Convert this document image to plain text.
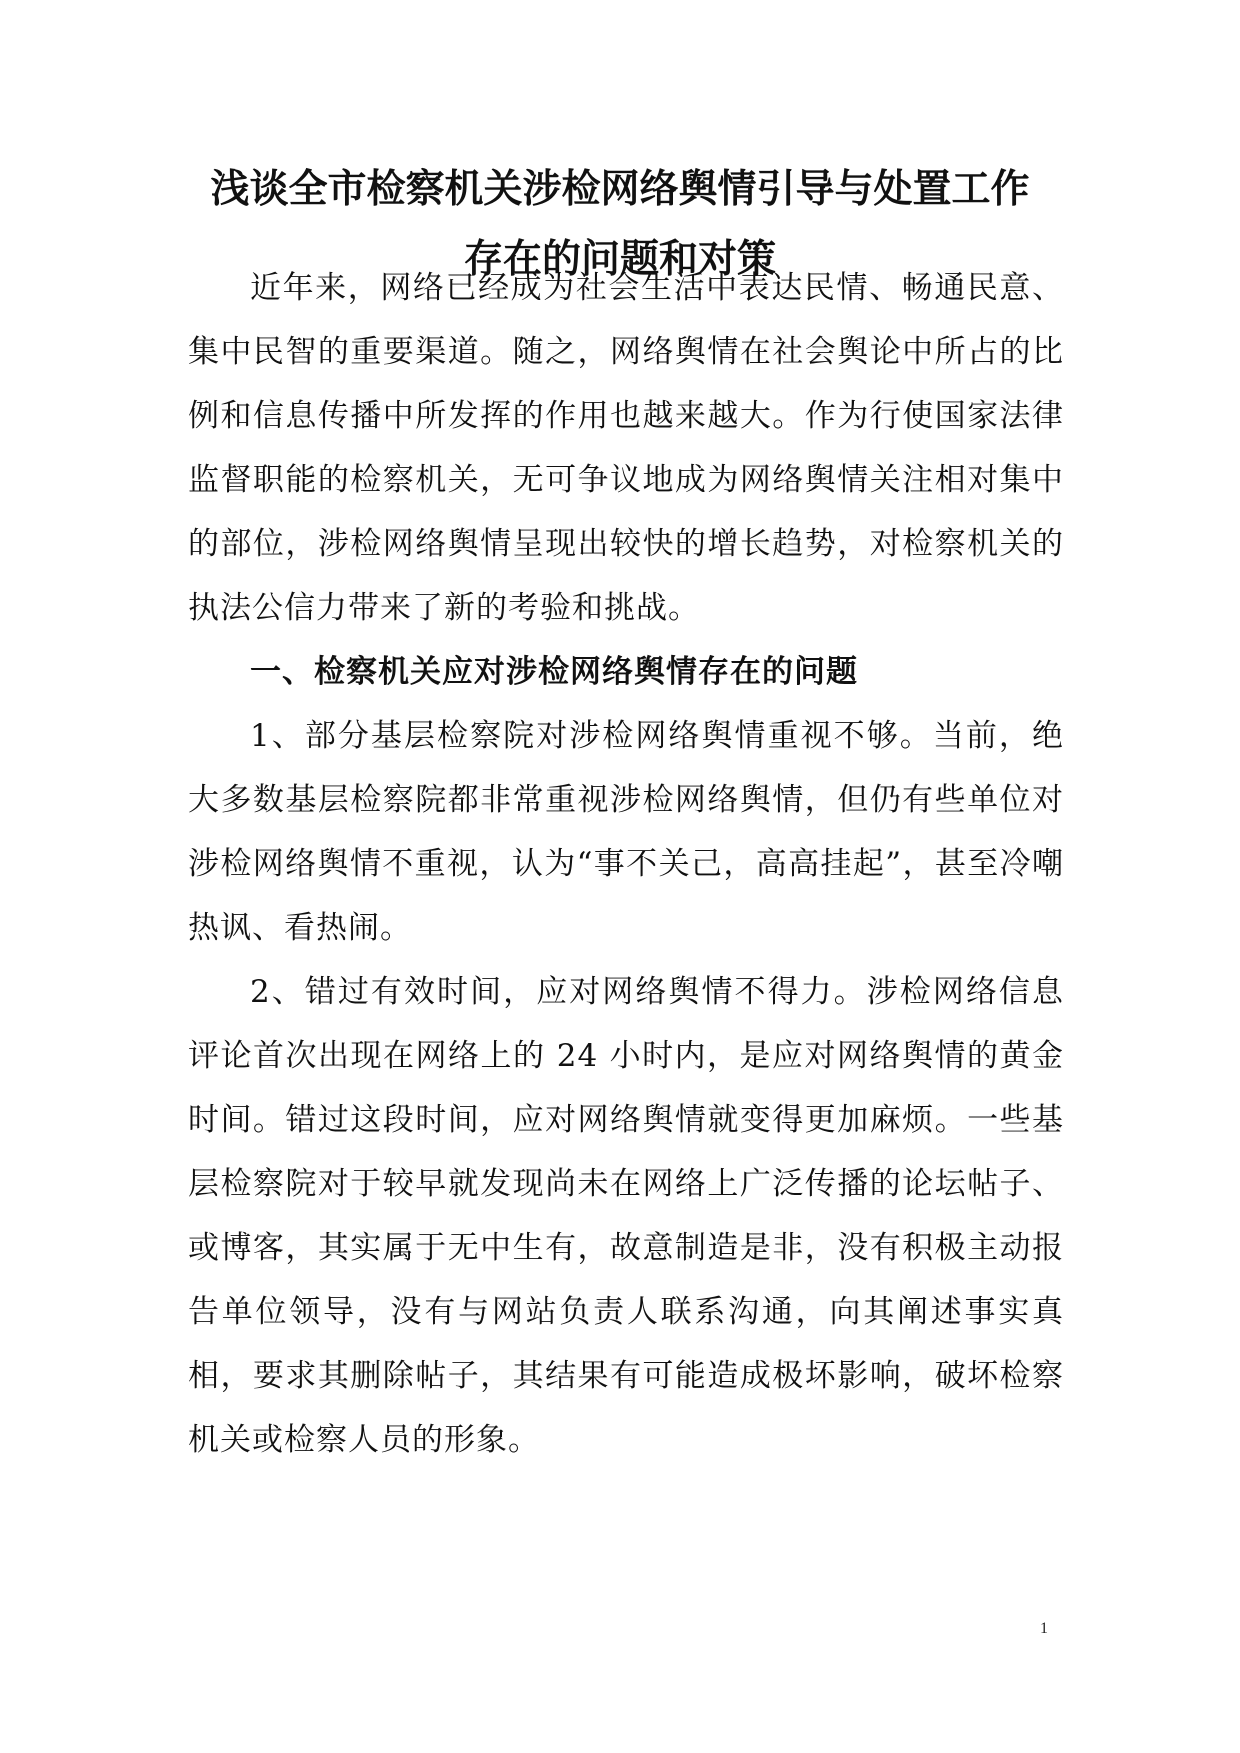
浅谈全市检察机关涉检网络舆情引导与处置工作
存在的问题和对策

近年来，网络已经成为社会生活中表达民情、畅通民意、集中民智的重要渠道。随之，网络舆情在社会舆论中所占的比例和信息传播中所发挥的作用也越来越大。作为行使国家法律监督职能的检察机关，无可争议地成为网络舆情关注相对集中的部位，涉检网络舆情呈现出较快的增长趋势，对检察机关的执法公信力带来了新的考验和挑战。

一、检察机关应对涉检网络舆情存在的问题

1、部分基层检察院对涉检网络舆情重视不够。当前，绝大多数基层检察院都非常重视涉检网络舆情，但仍有些单位对涉检网络舆情不重视，认为“事不关己，高高挂起”，甚至冷嘲热讽、看热闹。

2、错过有效时间，应对网络舆情不得力。涉检网络信息评论首次出现在网络上的 24 小时内，是应对网络舆情的黄金时间。错过这段时间，应对网络舆情就变得更加麻烦。一些基层检察院对于较早就发现尚未在网络上广泛传播的论坛帖子、或博客，其实属于无中生有，故意制造是非，没有积极主动报告单位领导，没有与网站负责人联系沟通，向其阐述事实真相，要求其删除帖子，其结果有可能造成极坏影响，破坏检察机关或检察人员的形象。

1
